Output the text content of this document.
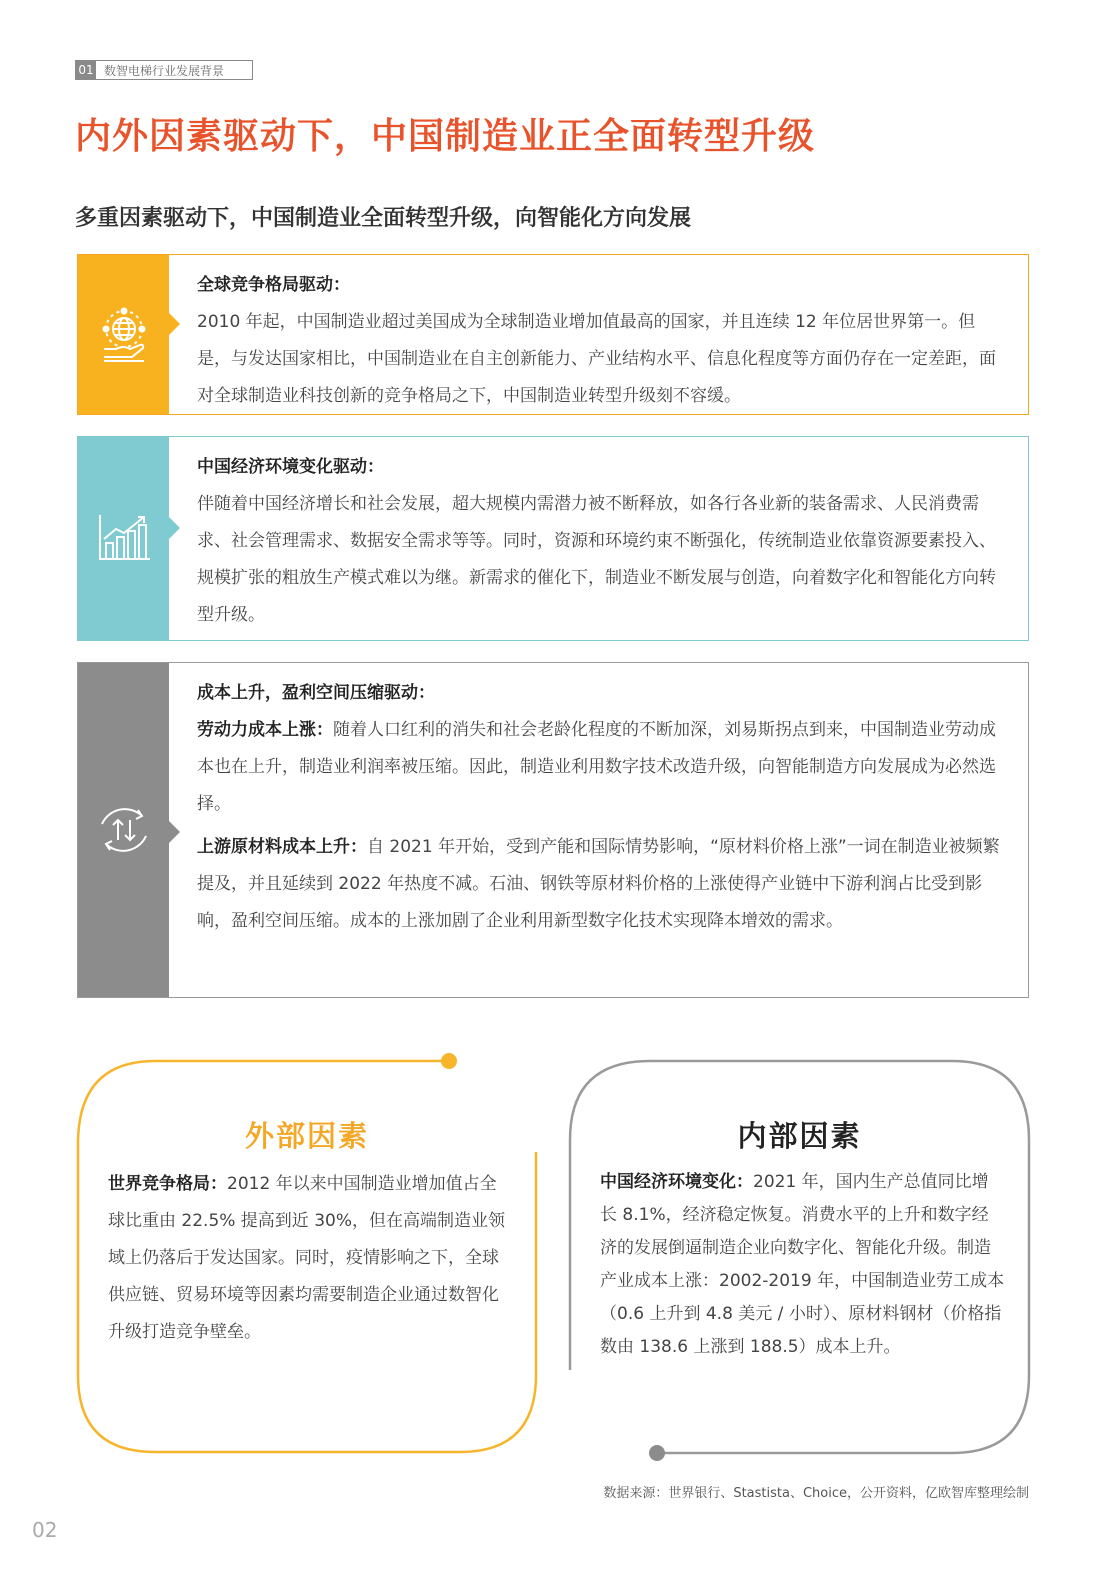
01 数智电梯行业发展背景
内外因素驱动下，中国制造业正全面转型升级
多重因素驱动下，中国制造业全面转型升级，向智能化方向发展
全球竞争格局驱动：
2010 年起，中国制造业超过美国成为全球制造业增加值最高的国家，并且连续 12 年位居世界第一。但是，与发达国家相比，中国制造业在自主创新能力、产业结构水平、信息化程度等方面仍存在一定差距，面对全球制造业科技创新的竞争格局之下，中国制造业转型升级刻不容缓。
中国经济环境变化驱动：
伴随着中国经济增长和社会发展，超大规模内需潜力被不断释放，如各行各业新的装备需求、人民消费需求、社会管理需求、数据安全需求等等。同时，资源和环境约束不断强化，传统制造业依靠资源要素投入、规模扩张的粗放生产模式难以为继。新需求的催化下，制造业不断发展与创造，向着数字化和智能化方向转型升级。
成本上升，盈利空间压缩驱动：
劳动力成本上涨：随着人口红利的消失和社会老龄化程度的不断加深，刘易斯拐点到来，中国制造业劳动成本也在上升，制造业利润率被压缩。因此，制造业利用数字技术改造升级，向智能制造方向发展成为必然选择。
上游原材料成本上升：自 2021 年开始，受到产能和国际情势影响，“原材料价格上涨”一词在制造业被频繁提及，并且延续到 2022 年热度不减。石油、钢铁等原材料价格的上涨使得产业链中下游利润占比受到影响，盈利空间压缩。成本的上涨加剧了企业利用新型数字化技术实现降本增效的需求。
外部因素
世界竞争格局：2012 年以来中国制造业增加值占全球比重由 22.5% 提高到近 30%，但在高端制造业领域上仍落后于发达国家。同时，疫情影响之下，全球供应链、贸易环境等因素均需要制造企业通过数智化升级打造竞争壁垒。
内部因素
中国经济环境变化：2021 年，国内生产总值同比增长 8.1%，经济稳定恢复。消费水平的上升和数字经济的发展倒逼制造企业向数字化、智能化升级。制造产业成本上涨：2002-2019 年，中国制造业劳工成本（0.6 上升到 4.8 美元 / 小时）、原材料钢材（价格指数由 138.6 上涨到 188.5）成本上升。
数据来源：世界银行、Stastista、Choice，公开资料，亿欧智库整理绘制
02
